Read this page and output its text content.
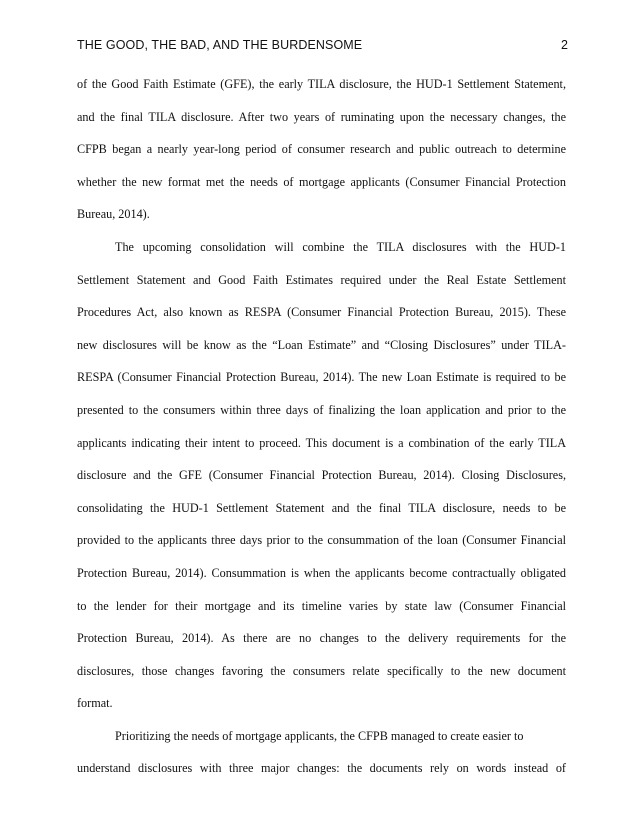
THE GOOD, THE BAD, AND THE BURDENSOME	2
of the Good Faith Estimate (GFE), the early TILA disclosure, the HUD-1 Settlement Statement,
and the final TILA disclosure. After two years of ruminating upon the necessary changes, the
CFPB began a nearly year-long period of consumer research and public outreach to determine
whether the new format met the needs of mortgage applicants (Consumer Financial Protection
Bureau, 2014).
The upcoming consolidation will combine the TILA disclosures with the HUD-1
Settlement Statement and Good Faith Estimates required under the Real Estate Settlement
Procedures Act, also known as RESPA (Consumer Financial Protection Bureau, 2015). These
new disclosures will be know as the “Loan Estimate” and “Closing Disclosures” under TILA-
RESPA (Consumer Financial Protection Bureau, 2014). The new Loan Estimate is required to be
presented to the consumers within three days of finalizing the loan application and prior to the
applicants indicating their intent to proceed. This document is a combination of the early TILA
disclosure and the GFE (Consumer Financial Protection Bureau, 2014). Closing Disclosures,
consolidating the HUD-1 Settlement Statement and the final TILA disclosure, needs to be
provided to the applicants three days prior to the consummation of the loan (Consumer Financial
Protection Bureau, 2014). Consummation is when the applicants become contractually obligated
to the lender for their mortgage and its timeline varies by state law (Consumer Financial
Protection Bureau, 2014). As there are no changes to the delivery requirements for the
disclosures, those changes favoring the consumers relate specifically to the new document
format.
Prioritizing the needs of mortgage applicants, the CFPB managed to create easier to
understand disclosures with three major changes: the documents rely on words instead of
